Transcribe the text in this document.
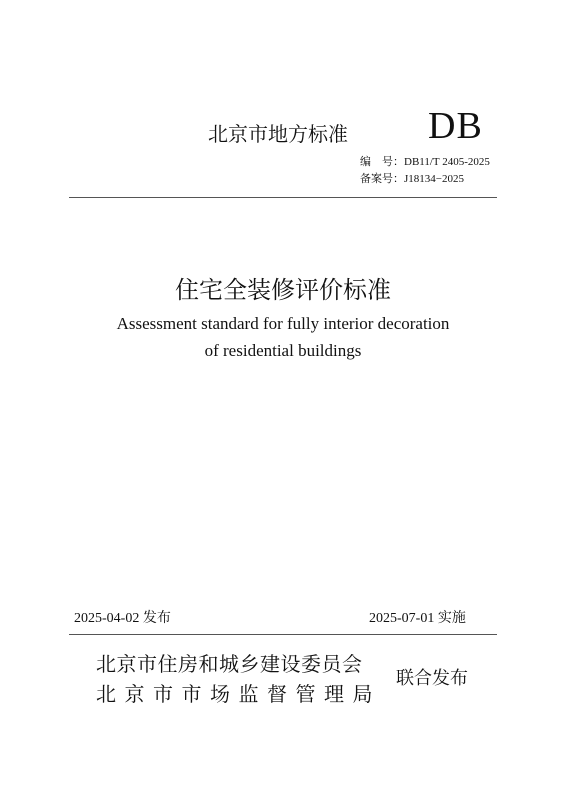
北京市地方标准 DB
编　号：DB11/T 2405-2025
备案号：J18134−2025
住宅全装修评价标准
Assessment standard for fully interior decoration
of residential buildings
2025-04-02 发布	2025-07-01 实施
北京市住房和城乡建设委员会
北京市市场监督管理局
联合发布
